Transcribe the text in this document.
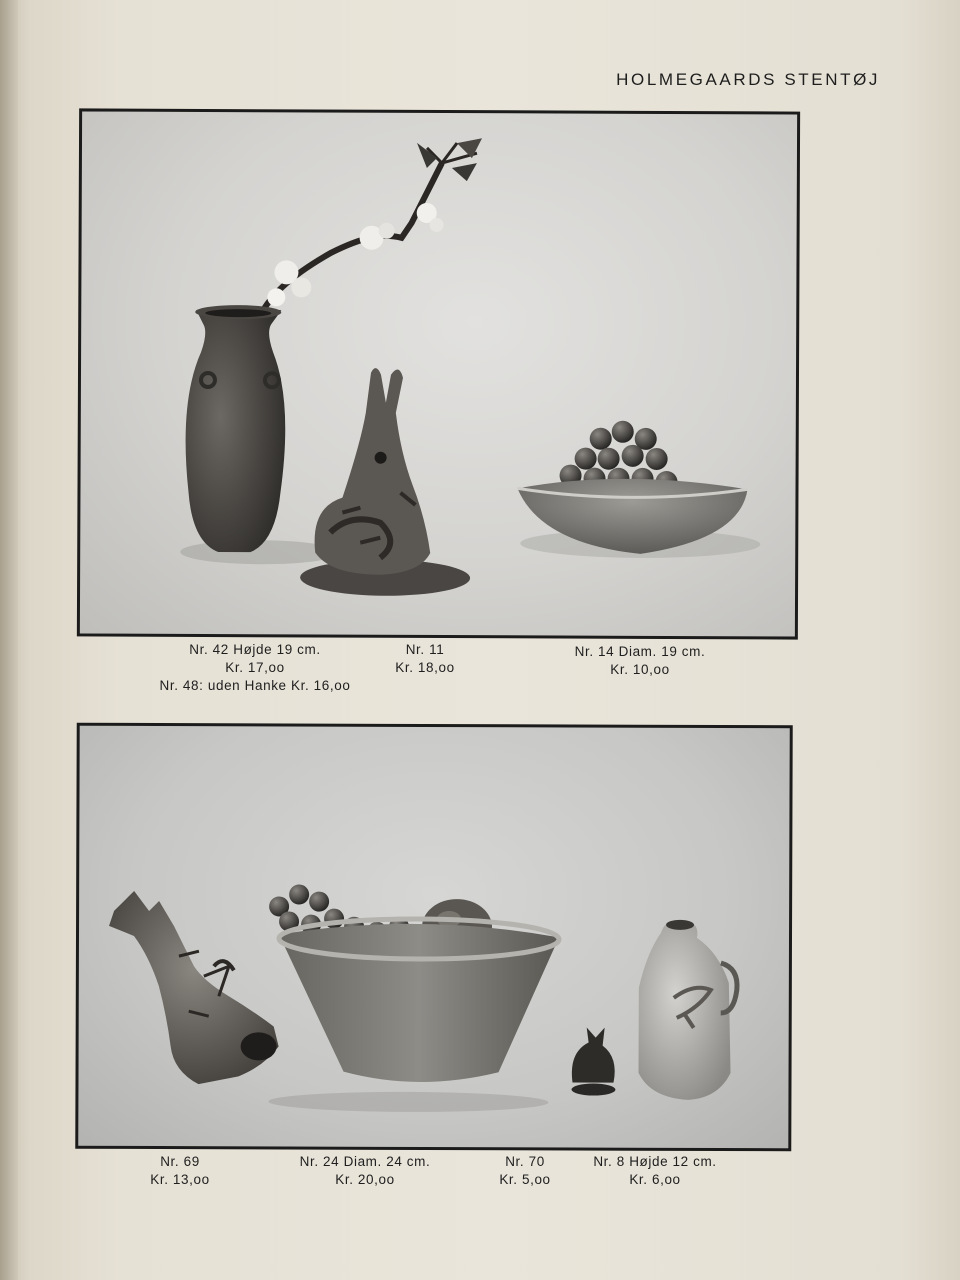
HOLMEGAARDS STENTØJ
Nr. 42 Højde 19 cm.
Kr. 17,oo
Nr. 48: uden Hanke Kr. 16,oo
Nr. 11
Kr. 18,oo
Nr. 14 Diam. 19 cm.
Kr. 10,oo
Nr. 69
Kr. 13,oo
Nr. 24 Diam. 24 cm.
Kr. 20,oo
Nr. 70
Kr. 5,oo
Nr. 8 Højde 12 cm.
Kr. 6,oo
